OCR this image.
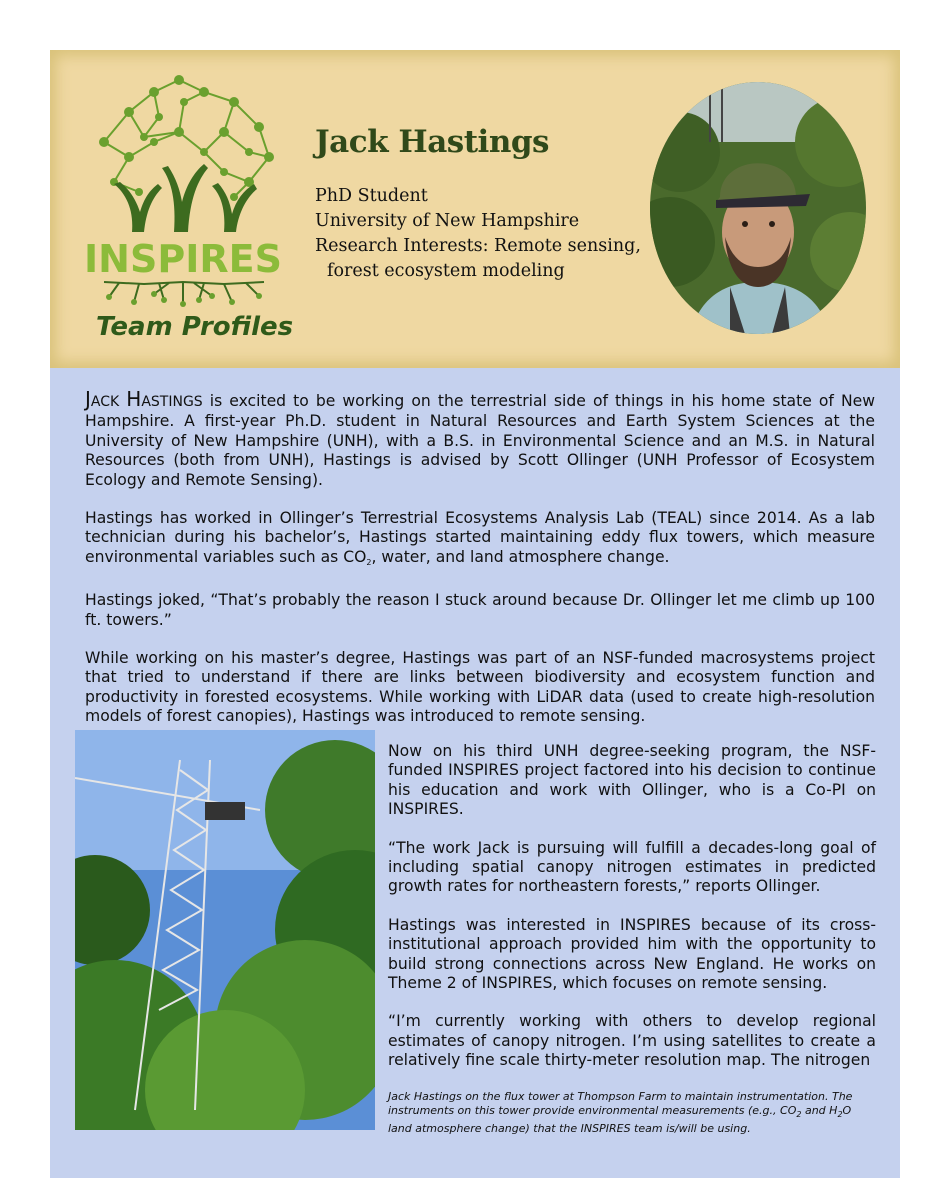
INSPIRES
Team Profiles
Jack Hastings
PhD Student
University of New Hampshire
Research Interests: Remote sensing,
forest ecosystem modeling

JACK HASTINGS is excited to be working on the terrestrial side of things in his home state of New Hampshire. A first-year Ph.D. student in Natural Resources and Earth System Sciences at the University of New Hampshire (UNH), with a B.S. in Environmental Science and an M.S. in Natural Resources (both from UNH), Hastings is advised by Scott Ollinger (UNH Professor of Ecosystem Ecology and Remote Sensing).

Hastings has worked in Ollinger’s Terrestrial Ecosystems Analysis Lab (TEAL) since 2014. As a lab technician during his bachelor’s, Hastings started maintaining eddy flux towers, which measure environmental variables such as $CO_2$, water, and land atmosphere change.

Hastings joked, “That’s probably the reason I stuck around because Dr. Ollinger let me climb up 100 ft. towers.”

While working on his master’s degree, Hastings was part of an NSF-funded macrosystems project that tried to understand if there are links between biodiversity and ecosystem function and productivity in forested ecosystems. While working with LiDAR data (used to create high-resolution models of forest canopies), Hastings was introduced to remote sensing.

Now on his third UNH degree-seeking program, the NSF-funded INSPIRES project factored into his decision to continue his education and work with Ollinger, who is a Co-PI on INSPIRES.

“The work Jack is pursuing will fulfill a decades-long goal of including spatial canopy nitrogen estimates in predicted growth rates for northeastern forests,” reports Ollinger.

Hastings was interested in INSPIRES because of its cross-institutional approach provided him with the opportunity to build strong connections across New England. He works on Theme 2 of INSPIRES, which focuses on remote sensing.

“I’m currently working with others to develop regional estimates of canopy nitrogen. I’m using satellites to create a relatively fine scale thirty-meter resolution map. The nitrogen

Jack Hastings on the flux tower at Thompson Farm to maintain instrumentation. The instruments on this tower provide environmental measurements (e.g., $CO_2$ and $H_2O$ land atmosphere change) that the INSPIRES team is/will be using.
